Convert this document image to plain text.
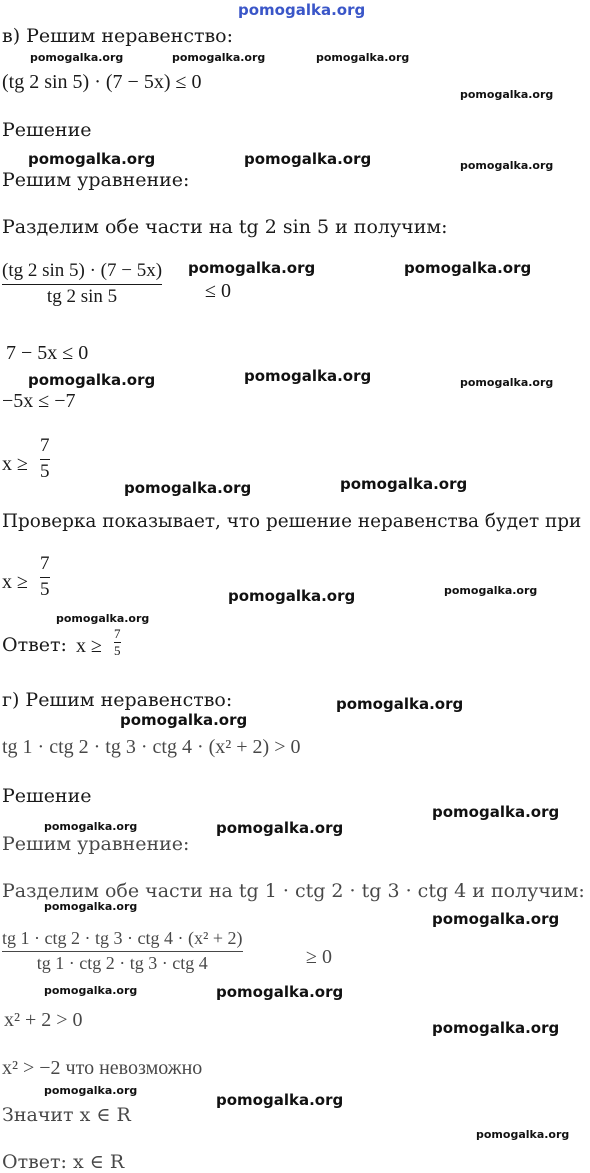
pomogalka.org
в) Решим неравенство:
pomogalka.org	pomogalka.org	pomogalka.org
(tg 2 sin 5) · (7 − 5x) ≤ 0
pomogalka.org
Решение
pomogalka.org	pomogalka.org	pomogalka.org
Решим уравнение:
Разделим обе части на tg 2 sin 5 и получим:
(tg 2 sin 5) · (7 − 5x)
tg 2 sin 5	≤ 0
pomogalka.org	pomogalka.org
7 − 5x ≤ 0
pomogalka.org	pomogalka.org	pomogalka.org
−5x ≤ −7
x ≥
7
5
pomogalka.org	pomogalka.org
Проверка показывает, что решение неравенства будет при
x ≥
7
5	pomogalka.org	pomogalka.org
pomogalka.org
Ответ: x ≥
7
5
г) Решим неравенство:	pomogalka.org
pomogalka.org
tg 1 · ctg 2 · tg 3 · ctg 4 · (x² + 2) > 0
Решение
pomogalka.org
pomogalka.org	pomogalka.org
Решим уравнение:
Разделим обе части на tg 1 · ctg 2 · tg 3 · ctg 4 и получим:
pomogalka.org
pomogalka.org
tg 1 · ctg 2 · tg 3 · ctg 4 · (x² + 2)
tg 1 · ctg 2 · tg 3 · ctg 4	≥ 0
pomogalka.org	pomogalka.org
x² + 2 > 0	pomogalka.org
x² > −2 что невозможно
pomogalka.org
pomogalka.org
Значит x ∈ R
pomogalka.org
Ответ: x ∈ R
